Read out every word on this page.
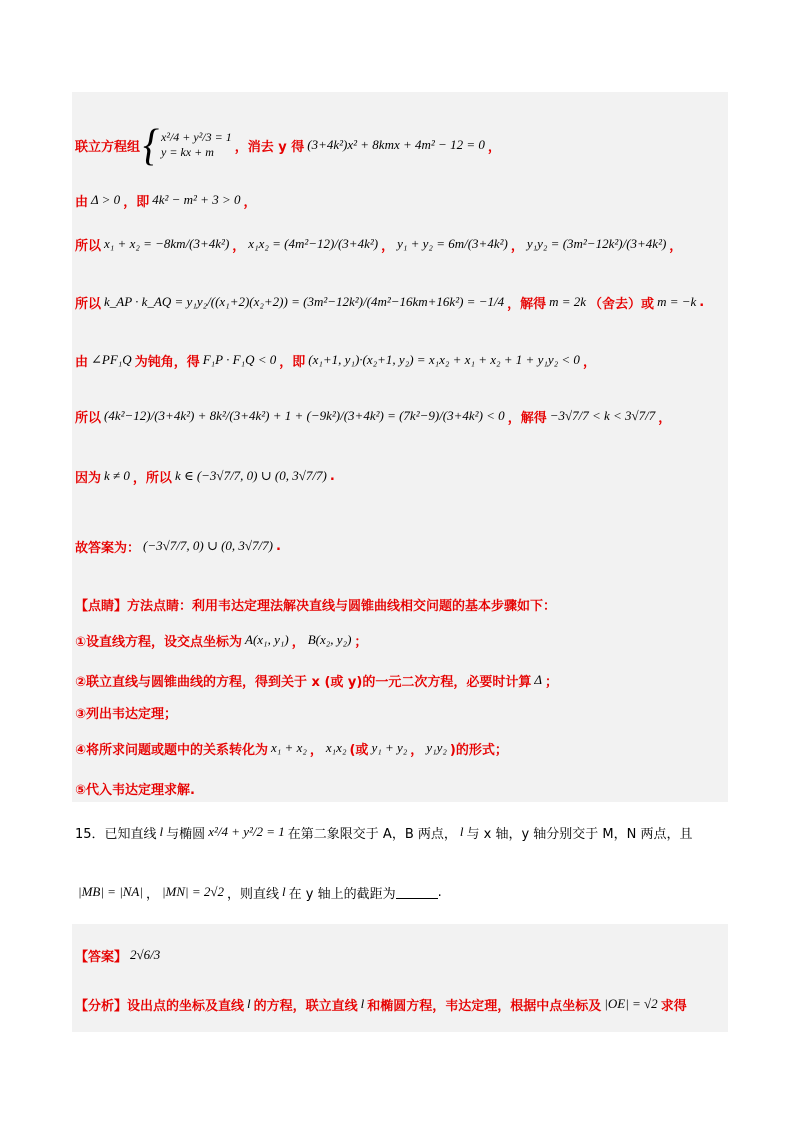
联立方程组 { x²/4 + y²/3 = 1
y = kx + m	，消去 y 得 (3+4k²)x² + 8kmx + 4m² − 12 = 0 ，
由 Δ > 0 ，即 4k² − m² + 3 > 0 ，
所以 x₁ + x₂ = −8km/(3+4k²) ， x₁x₂ = (4m²−12)/(3+4k²) ， y₁ + y₂ = 6m/(3+4k²) ， y₁y₂ = (3m²−12k²)/(3+4k²) ，
所以 k_AP · k_AQ = y₁y₂/((x₁+2)(x₂+2)) = (3m²−12k²)/(4m²−16km+16k²) = −1/4 ，解得 m = 2k （舍去）或 m = −k .
由 ∠PF₁Q 为钝角，得 F₁P · F₁Q < 0 ，即 (x₁+1, y₁)·(x₂+1, y₂) = x₁x₂ + x₁ + x₂ + 1 + y₁y₂ < 0 ，
所以 (4k²−12)/(3+4k²) + 8k²/(3+4k²) + 1 + (−9k²)/(3+4k²) = (7k²−9)/(3+4k²) < 0 ，解得 −3√7/7 < k < 3√7/7 ，
因为 k ≠ 0 ，所以 k ∈ (−3√7/7, 0) ∪ (0, 3√7/7) .
故答案为： (−3√7/7, 0) ∪ (0, 3√7/7) .
【点睛】方法点睛：利用韦达定理法解决直线与圆锥曲线相交问题的基本步骤如下：
①设直线方程，设交点坐标为 A(x₁, y₁) ， B(x₂, y₂) ；
②联立直线与圆锥曲线的方程，得到关于 x (或 y)的一元二次方程，必要时计算 Δ ；
③列出韦达定理；
④将所求问题或题中的关系转化为 x₁ + x₂ ， x₁x₂ (或 y₁ + y₂ ， y₁y₂ )的形式；
⑤代入韦达定理求解.
15．已知直线 l 与椭圆 x²/4 + y²/2 = 1 在第二象限交于 A，B 两点， l 与 x 轴，y 轴分别交于 M，N 两点，且
|MB| = |NA| ， |MN| = 2√2 ，则直线 l 在 y 轴上的截距为	.
【答案】 2√6/3
【分析】设出点的坐标及直线 l 的方程，联立直线 l 和椭圆方程，韦达定理，根据中点坐标及 |OE| = √2 求得
